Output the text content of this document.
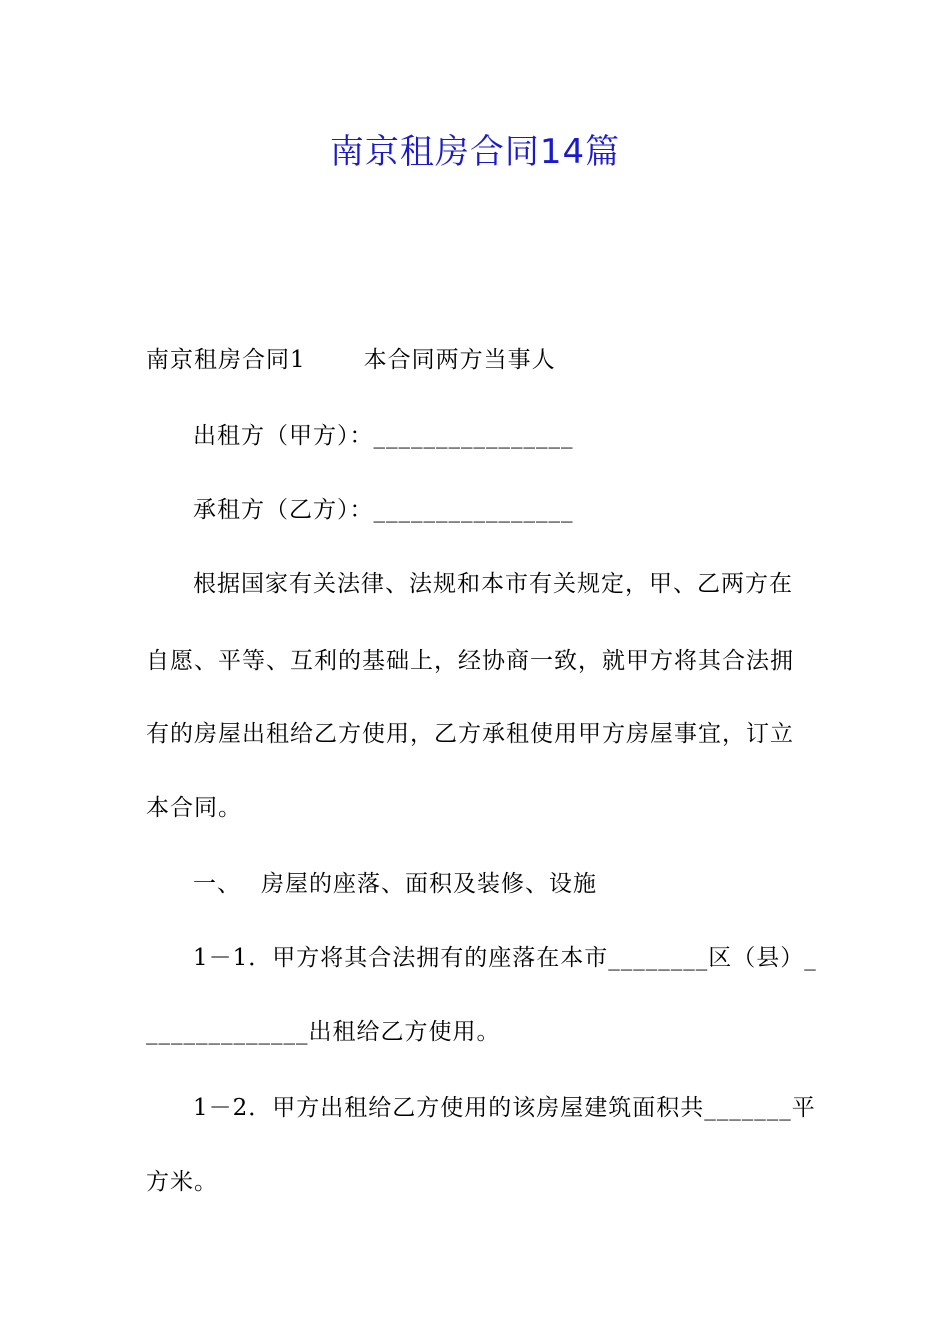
南京租房合同14篇
南京租房合同1	本合同两方当事人
出租方（甲方）：________________
承租方（乙方）：________________
根据国家有关法律、法规和本市有关规定，甲、乙两方在
自愿、平等、互利的基础上，经协商一致，就甲方将其合法拥
有的房屋出租给乙方使用，乙方承租使用甲方房屋事宜，订立
本合同。
一、 房屋的座落、面积及装修、设施
1－1．甲方将其合法拥有的座落在本市________区（县）_
_____________出租给乙方使用。
1－2．甲方出租给乙方使用的该房屋建筑面积共_______平
方米。
